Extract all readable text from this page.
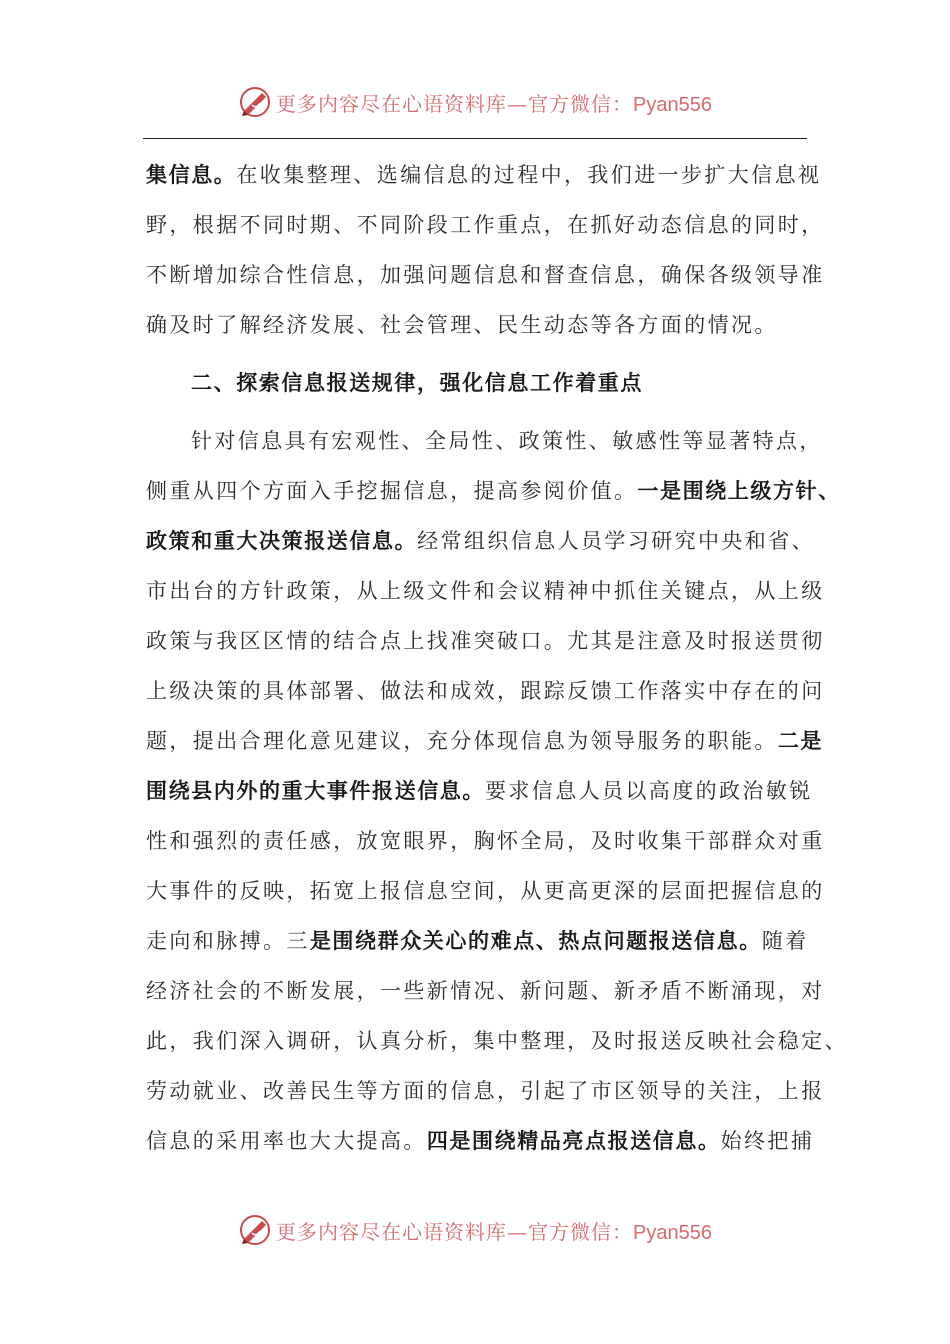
更多内容尽在心语资料库—官方微信：Pyan556
集信息。在收集整理、选编信息的过程中，我们进一步扩大信息视
野，根据不同时期、不同阶段工作重点，在抓好动态信息的同时，
不断增加综合性信息，加强问题信息和督查信息，确保各级领导准
确及时了解经济发展、社会管理、民生动态等各方面的情况。
二、探索信息报送规律，强化信息工作着重点
针对信息具有宏观性、全局性、政策性、敏感性等显著特点，
侧重从四个方面入手挖掘信息，提高参阅价值。一是围绕上级方针、
政策和重大决策报送信息。经常组织信息人员学习研究中央和省、
市出台的方针政策，从上级文件和会议精神中抓住关键点，从上级
政策与我区区情的结合点上找准突破口。尤其是注意及时报送贯彻
上级决策的具体部署、做法和成效，跟踪反馈工作落实中存在的问
题，提出合理化意见建议，充分体现信息为领导服务的职能。二是
围绕县内外的重大事件报送信息。要求信息人员以高度的政治敏锐
性和强烈的责任感，放宽眼界，胸怀全局，及时收集干部群众对重
大事件的反映，拓宽上报信息空间，从更高更深的层面把握信息的
走向和脉搏。三是围绕群众关心的难点、热点问题报送信息。随着
经济社会的不断发展，一些新情况、新问题、新矛盾不断涌现，对
此，我们深入调研，认真分析，集中整理，及时报送反映社会稳定、
劳动就业、改善民生等方面的信息，引起了市区领导的关注，上报
信息的采用率也大大提高。四是围绕精品亮点报送信息。始终把捕
更多内容尽在心语资料库—官方微信：Pyan556
